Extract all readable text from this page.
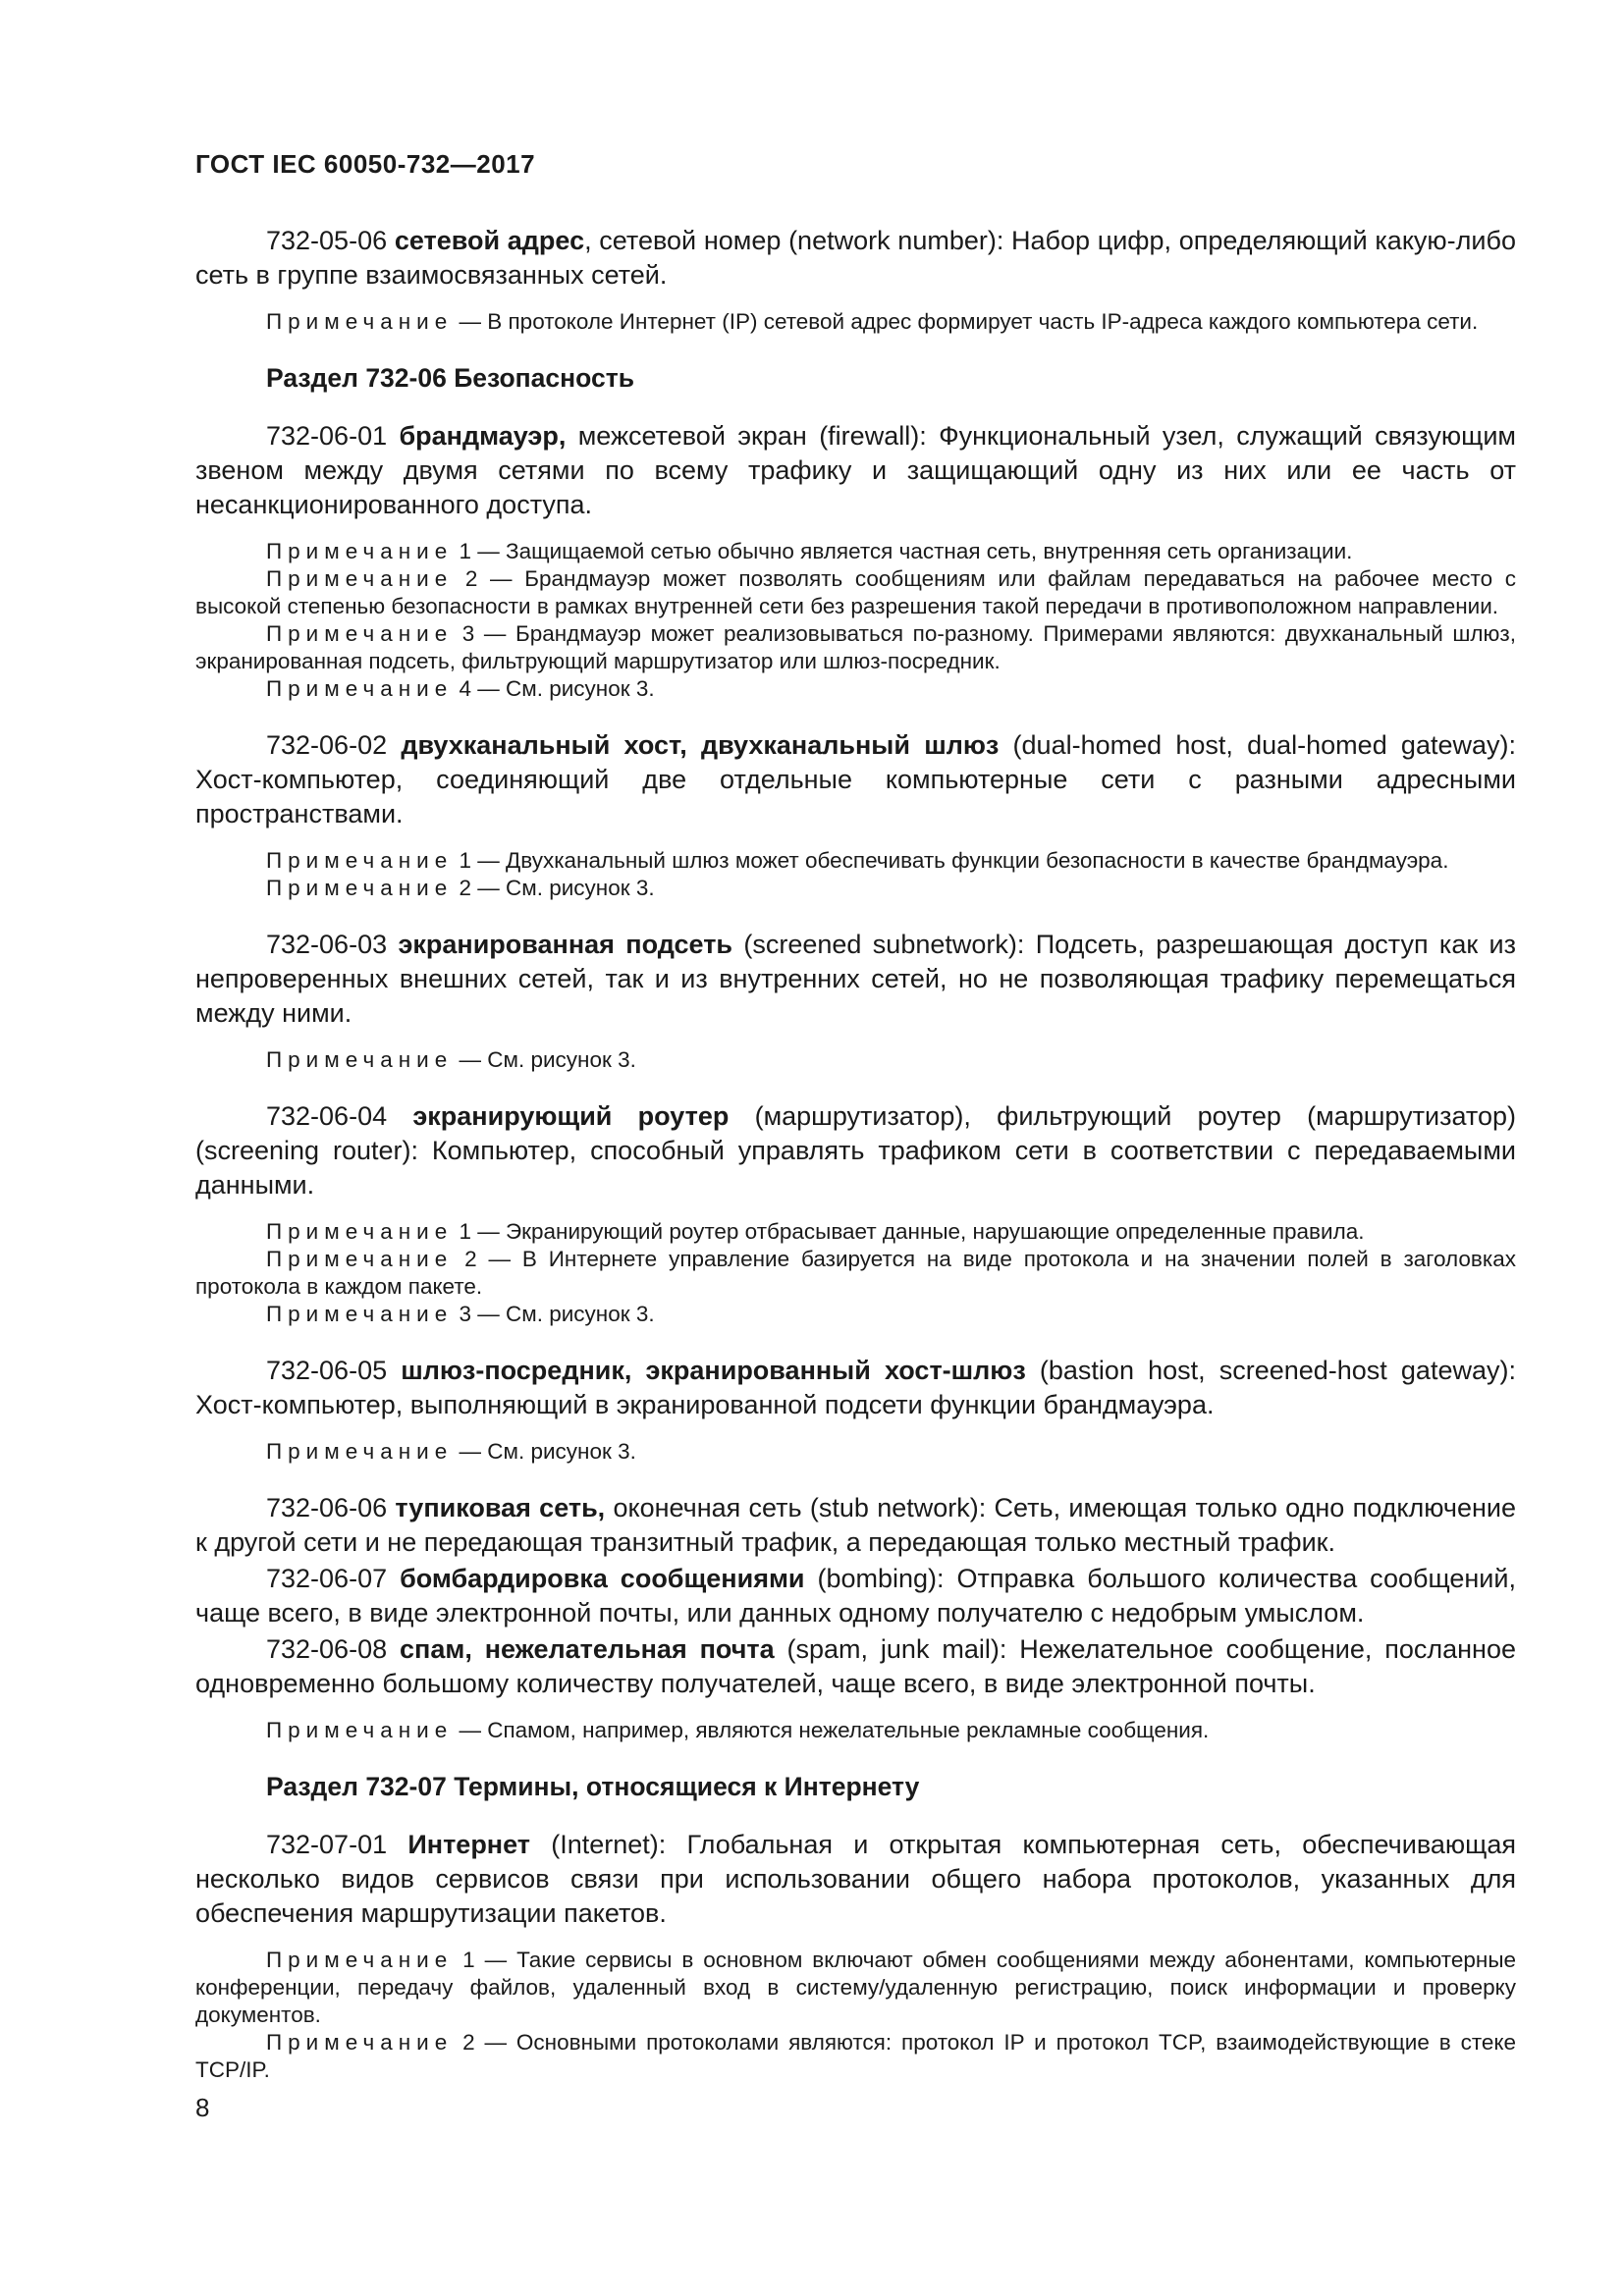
ГОСТ IEC 60050-732—2017

732-05-06 сетевой адрес, сетевой номер (network number): Набор цифр, определяющий какую-либо сеть в группе взаимосвязанных сетей.

Примечание — В протоколе Интернет (IP) сетевой адрес формирует часть IP-адреса каждого компьютера сети.

Раздел 732-06 Безопасность

732-06-01 брандмауэр, межсетевой экран (firewall): Функциональный узел, служащий связующим звеном между двумя сетями по всему трафику и защищающий одну из них или ее часть от несанкционированного доступа.

Примечание 1 — Защищаемой сетью обычно является частная сеть, внутренняя сеть организации.

Примечание 2 — Брандмауэр может позволять сообщениям или файлам передаваться на рабочее место с высокой степенью безопасности в рамках внутренней сети без разрешения такой передачи в противоположном направлении.

Примечание 3 — Брандмауэр может реализовываться по-разному. Примерами являются: двухканальный шлюз, экранированная подсеть, фильтрующий маршрутизатор или шлюз-посредник.

Примечание 4 — См. рисунок 3.

732-06-02 двухканальный хост, двухканальный шлюз (dual-homed host, dual-homed gateway): Хост-компьютер, соединяющий две отдельные компьютерные сети с разными адресными пространствами.

Примечание 1 — Двухканальный шлюз может обеспечивать функции безопасности в качестве брандмауэра.

Примечание 2 — См. рисунок 3.

732-06-03 экранированная подсеть (screened subnetwork): Подсеть, разрешающая доступ как из непроверенных внешних сетей, так и из внутренних сетей, но не позволяющая трафику перемещаться между ними.

Примечание — См. рисунок 3.

732-06-04 экранирующий роутер (маршрутизатор), фильтрующий роутер (маршрутизатор) (screening router): Компьютер, способный управлять трафиком сети в соответствии с передаваемыми данными.

Примечание 1 — Экранирующий роутер отбрасывает данные, нарушающие определенные правила.

Примечание 2 — В Интернете управление базируется на виде протокола и на значении полей в заголовках протокола в каждом пакете.

Примечание 3 — См. рисунок 3.

732-06-05 шлюз-посредник, экранированный хост-шлюз (bastion host, screened-host gateway): Хост-компьютер, выполняющий в экранированной подсети функции брандмауэра.

Примечание — См. рисунок 3.

732-06-06 тупиковая сеть, оконечная сеть (stub network): Сеть, имеющая только одно подключение к другой сети и не передающая транзитный трафик, а передающая только местный трафик.

732-06-07 бомбардировка сообщениями (bombing): Отправка большого количества сообщений, чаще всего, в виде электронной почты, или данных одному получателю с недобрым умыслом.

732-06-08 спам, нежелательная почта (spam, junk mail): Нежелательное сообщение, посланное одновременно большому количеству получателей, чаще всего, в виде электронной почты.

Примечание — Спамом, например, являются нежелательные рекламные сообщения.

Раздел 732-07 Термины, относящиеся к Интернету

732-07-01 Интернет (Internet): Глобальная и открытая компьютерная сеть, обеспечивающая несколько видов сервисов связи при использовании общего набора протоколов, указанных для обеспечения маршрутизации пакетов.

Примечание 1 — Такие сервисы в основном включают обмен сообщениями между абонентами, компьютерные конференции, передачу файлов, удаленный вход в систему/удаленную регистрацию, поиск информации и проверку документов.

Примечание 2 — Основными протоколами являются: протокол IP и протокол TCP, взаимодействующие в стеке TCP/IP.

8
